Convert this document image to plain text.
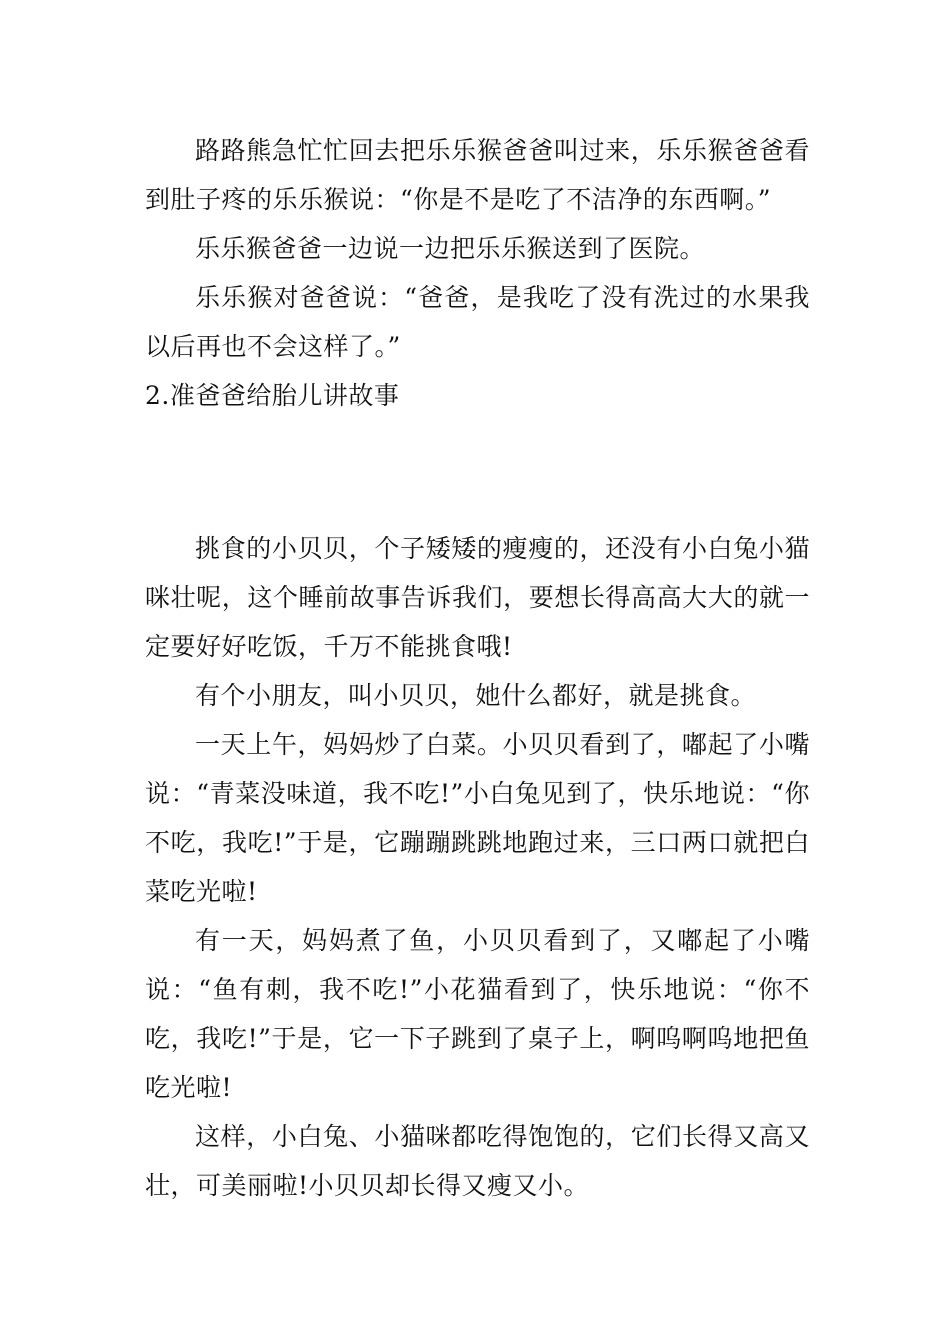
路路熊急忙忙回去把乐乐猴爸爸叫过来，乐乐猴爸爸看到肚子疼的乐乐猴说：“你是不是吃了不洁净的东西啊。”

乐乐猴爸爸一边说一边把乐乐猴送到了医院。

乐乐猴对爸爸说：“爸爸，是我吃了没有洗过的水果我以后再也不会这样了。”

2.准爸爸给胎儿讲故事

挑食的小贝贝，个子矮矮的瘦瘦的，还没有小白兔小猫咪壮呢，这个睡前故事告诉我们，要想长得高高大大的就一定要好好吃饭，千万不能挑食哦!

有个小朋友，叫小贝贝，她什么都好，就是挑食。

一天上午，妈妈炒了白菜。小贝贝看到了，嘟起了小嘴说：“青菜没味道，我不吃!”小白兔见到了，快乐地说：“你不吃，我吃!”于是，它蹦蹦跳跳地跑过来，三口两口就把白菜吃光啦!

有一天，妈妈煮了鱼，小贝贝看到了，又嘟起了小嘴说：“鱼有刺，我不吃!”小花猫看到了，快乐地说：“你不吃，我吃!”于是，它一下子跳到了桌子上，啊呜啊呜地把鱼吃光啦!

这样，小白兔、小猫咪都吃得饱饱的，它们长得又高又壮，可美丽啦!小贝贝却长得又瘦又小。
